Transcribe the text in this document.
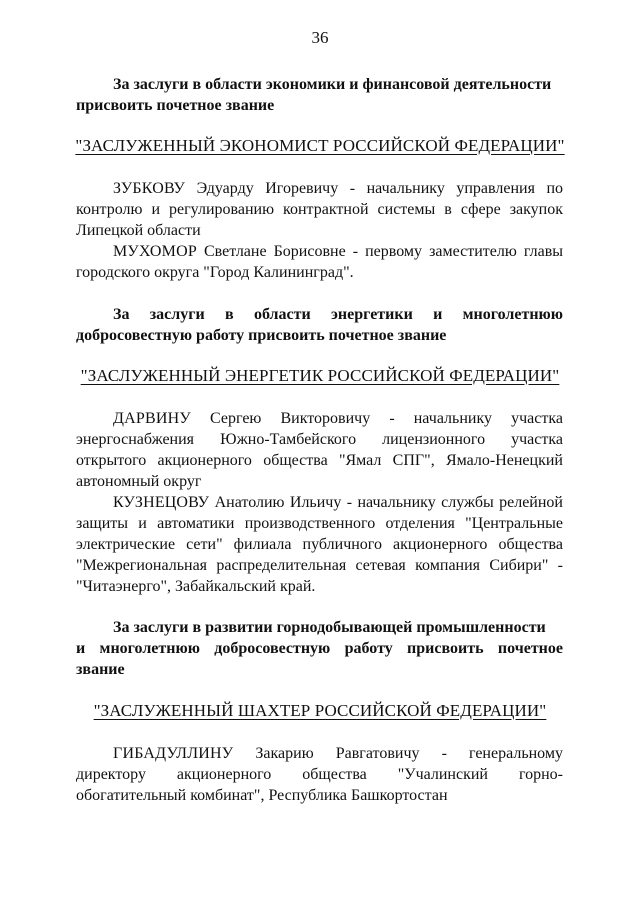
36

За заслуги в области экономики и финансовой деятельности
присвоить почетное звание

"ЗАСЛУЖЕННЫЙ ЭКОНОМИСТ РОССИЙСКОЙ ФЕДЕРАЦИИ"

ЗУБКОВУ Эдуарду Игоревичу - начальнику управления по контролю и регулированию контрактной системы в сфере закупок Липецкой области

МУХОМОР Светлане Борисовне - первому заместителю главы городского округа "Город Калининград".

За заслуги в области энергетики и многолетнюю

добросовестную работу присвоить почетное звание

"ЗАСЛУЖЕННЫЙ ЭНЕРГЕТИК РОССИЙСКОЙ ФЕДЕРАЦИИ"

ДАРВИНУ Сергею Викторовичу - начальнику участка энергоснабжения Южно-Тамбейского лицензионного участка открытого акционерного общества "Ямал СПГ", Ямало-Ненецкий автономный округ

КУЗНЕЦОВУ Анатолию Ильичу - начальнику службы релейной защиты и автоматики производственного отделения "Центральные электрические сети" филиала публичного акционерного общества "Межрегиональная распределительная сетевая компания Сибири" - "Читаэнерго", Забайкальский край.

За заслуги в развитии горнодобывающей промышленности
и многолетнюю добросовестную работу присвоить почетное
звание

"ЗАСЛУЖЕННЫЙ ШАХТЕР РОССИЙСКОЙ ФЕДЕРАЦИИ"

ГИБАДУЛЛИНУ Закарию Равгатовичу - генеральному директору акционерного общества "Учалинский горно-обогатительный комбинат", Республика Башкортостан
